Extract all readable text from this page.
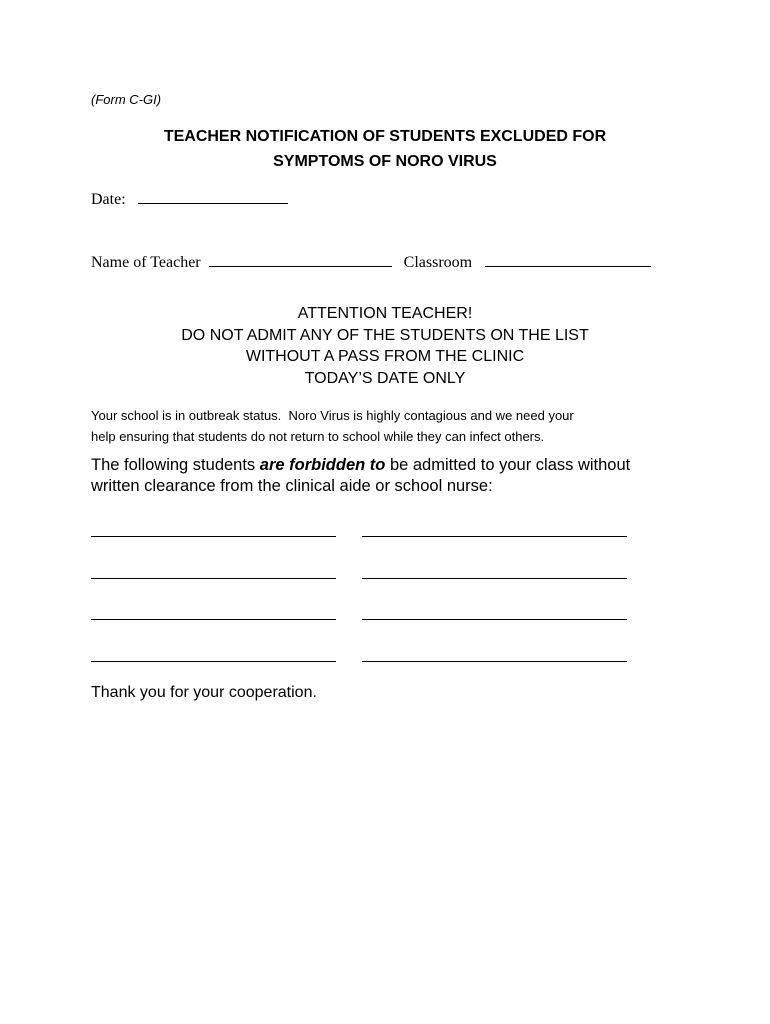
(Form C-GI)
TEACHER NOTIFICATION OF STUDENTS EXCLUDED FOR
SYMPTOMS OF NORO VIRUS
Date:
Name of Teacher	Classroom
ATTENTION TEACHER!
DO NOT ADMIT ANY OF THE STUDENTS ON THE LIST
WITHOUT A PASS FROM THE CLINIC
TODAY’S DATE ONLY
Your school is in outbreak status.  Noro Virus is highly contagious and we need your
help ensuring that students do not return to school while they can infect others.
The following students are forbidden to be admitted to your class without
written clearance from the clinical aide or school nurse:
Thank you for your cooperation.
